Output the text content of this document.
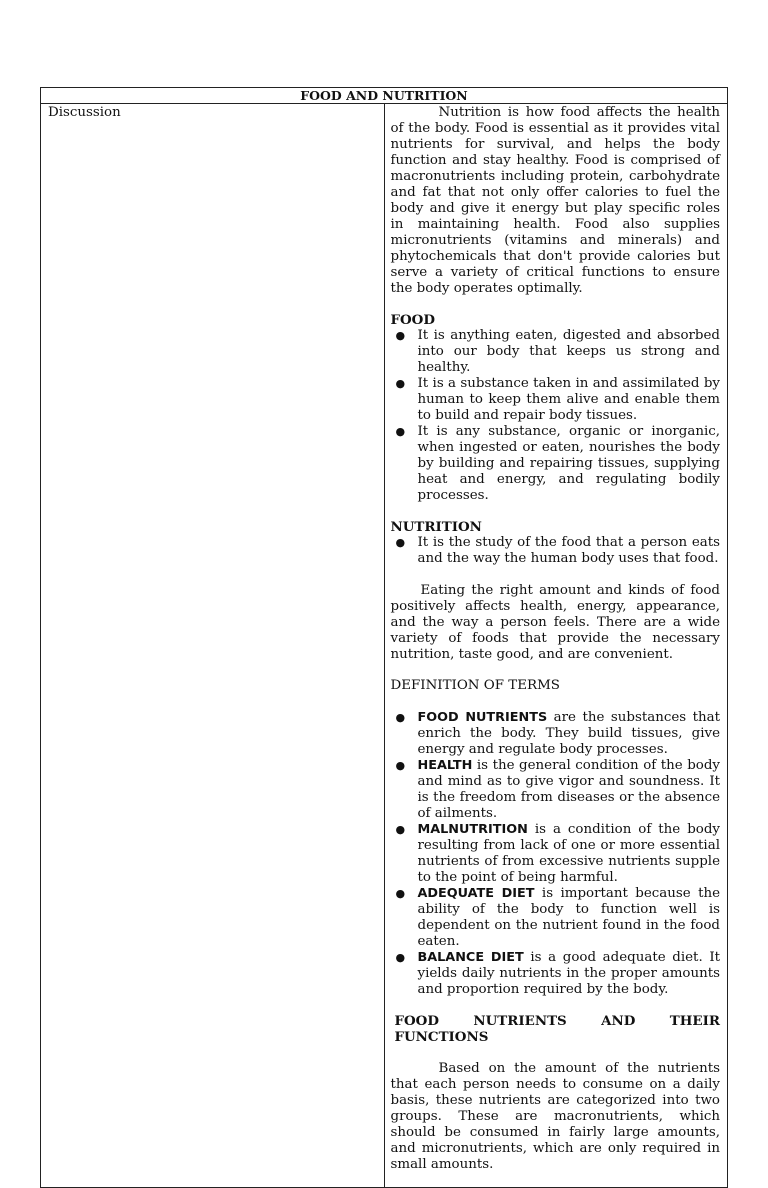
FOOD AND NUTRITION
Discussion	Nutrition is how food affects the health of the body. Food is essential as it provides vital nutrients for survival, and helps the body function and stay healthy. Food is comprised of macronutrients including protein, carbohydrate and fat that not only offer calories to fuel the body and give it energy but play specific roles in maintaining health. Food also supplies micronutrients (vitamins and minerals) and phytochemicals that don't provide calories but serve a variety of critical functions to ensure the body operates optimally.

FOOD

● It is anything eaten, digested and absorbed into our body that keeps us strong and healthy.
● It is a substance taken in and assimilated by human to keep them alive and enable them to build and repair body tissues.
● It is any substance, organic or inorganic, when ingested or eaten, nourishes the body by building and repairing tissues, supplying heat and energy, and regulating bodily processes.

NUTRITION

● It is the study of the food that a person eats and the way the human body uses that food.

Eating the right amount and kinds of food positively affects health, energy, appearance, and the way a person feels. There are a wide variety of foods that provide the necessary nutrition, taste good, and are convenient.

DEFINITION OF TERMS

● FOOD NUTRIENTS are the substances that enrich the body. They build tissues, give energy and regulate body processes.
● HEALTH is the general condition of the body and mind as to give vigor and soundness. It is the freedom from diseases or the absence of ailments.
● MALNUTRITION is a condition of the body resulting from lack of one or more essential nutrients of from excessive nutrients supple to the point of being harmful.
● ADEQUATE DIET is important because the ability of the body to function well is dependent on the nutrient found in the food eaten.
● BALANCE DIET is a good adequate diet. It yields daily nutrients in the proper amounts and proportion required by the body.

FOOD NUTRIENTS AND THEIR FUNCTIONS

Based on the amount of the nutrients that each person needs to consume on a daily basis, these nutrients are categorized into two groups. These are macronutrients, which should be consumed in fairly large amounts, and micronutrients, which are only required in small amounts.
